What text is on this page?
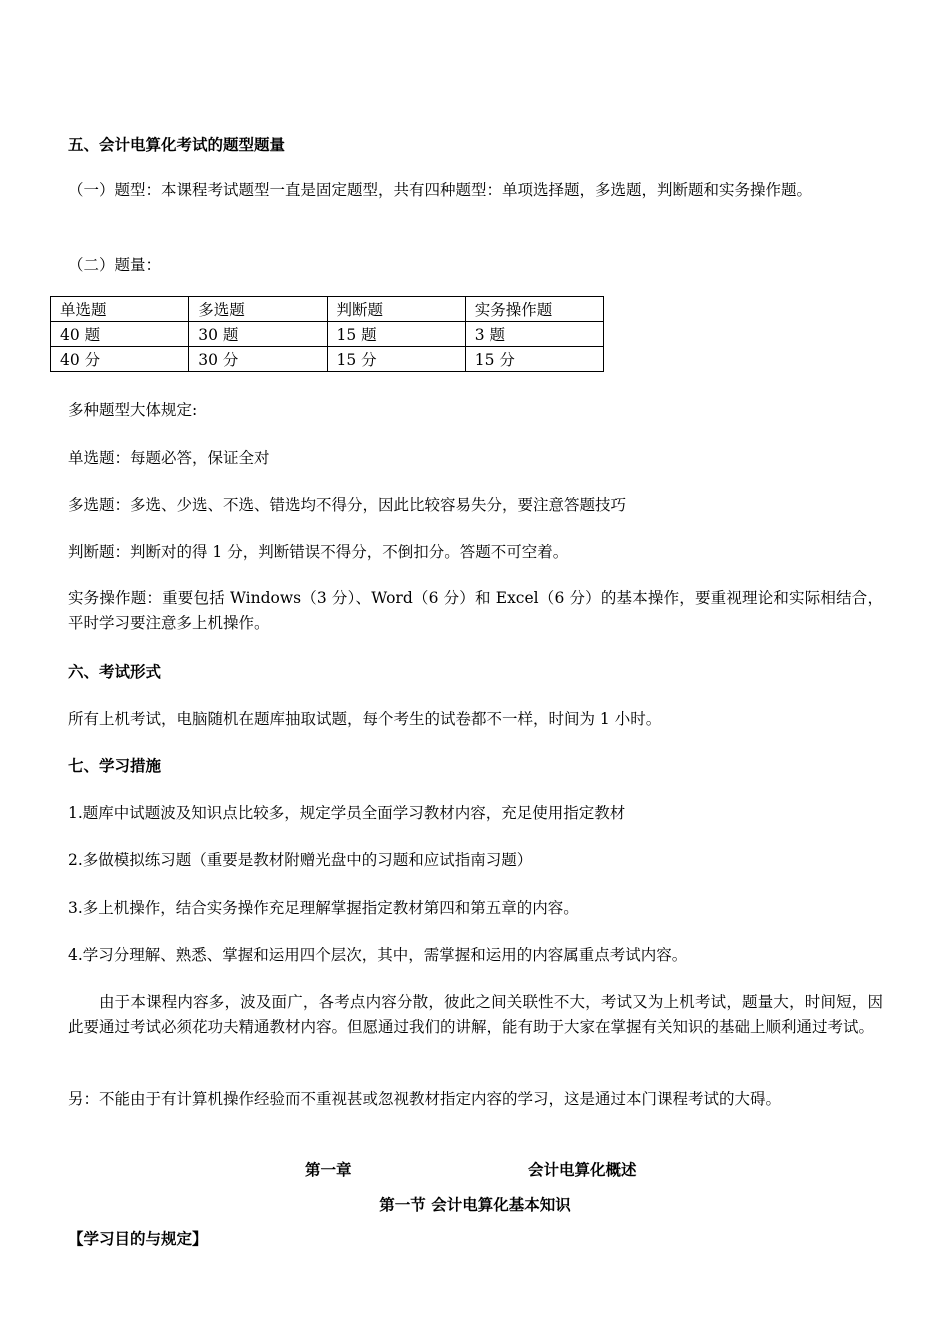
五、会计电算化考试的题型题量
（一）题型：本课程考试题型一直是固定题型，共有四种题型：单项选择题，多选题，判断题和实务操作题。
（二）题量：
单选题	多选题	判断题	实务操作题
40 题	30 题	15 题	3 题
40 分	30 分	15 分	15 分
多种题型大体规定:
单选题：每题必答，保证全对
多选题：多选、少选、不选、错选均不得分，因此比较容易失分，要注意答题技巧
判断题：判断对的得 1 分，判断错误不得分，不倒扣分。答题不可空着。
实务操作题：重要包括 Windows（3 分）、Word（6 分）和 Excel（6 分）的基本操作，要重视理论和实际相结合，平时学习要注意多上机操作。
六、考试形式
所有上机考试，电脑随机在题库抽取试题，每个考生的试卷都不一样，时间为 1 小时。
七、学习措施
1.题库中试题波及知识点比较多，规定学员全面学习教材内容，充足使用指定教材
2.多做模拟练习题（重要是教材附赠光盘中的习题和应试指南习题）
3.多上机操作，结合实务操作充足理解掌握指定教材第四和第五章的内容。
4.学习分理解、熟悉、掌握和运用四个层次，其中，需掌握和运用的内容属重点考试内容。
由于本课程内容多，波及面广，各考点内容分散，彼此之间关联性不大，考试又为上机考试，题量大，时间短，因此要通过考试必须花功夫精通教材内容。但愿通过我们的讲解，能有助于大家在掌握有关知识的基础上顺利通过考试。
另：不能由于有计算机操作经验而不重视甚或忽视教材指定内容的学习，这是通过本门课程考试的大碍。
第一章	会计电算化概述
第一节 会计电算化基本知识
【学习目的与规定】
